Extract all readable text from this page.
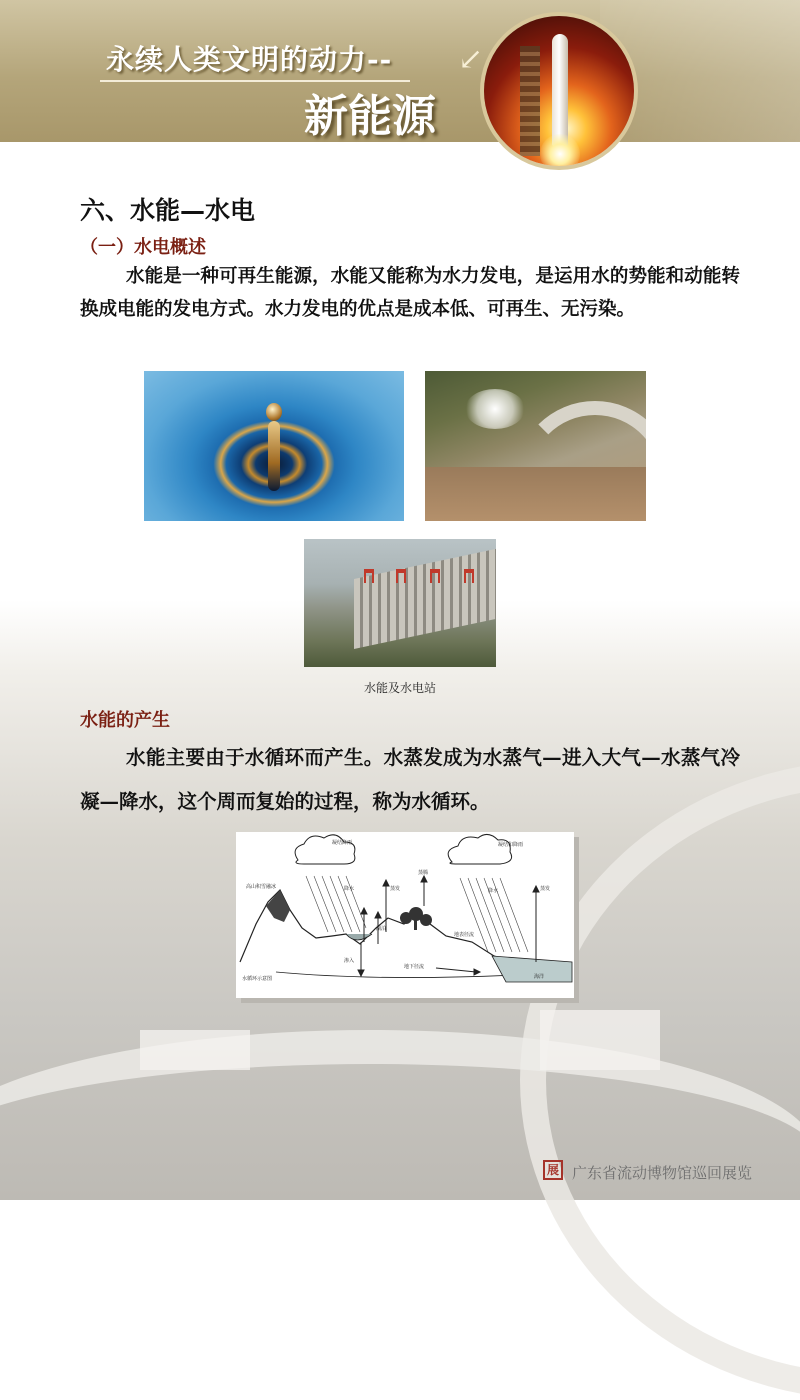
永续人类文明的动力--
新能源
↙
六、水能—水电
（一）水电概述
水能是一种可再生能源，水能又能称为水力发电，是运用水的势能和动能转换成电能的发电方式。水力发电的优点是成本低、可再生、无污染。
水能及水电站
水能的产生
水能主要由于水循环而产生。水蒸发成为水蒸气—进入大气—水蒸气冷凝—降水，这个周而复始的过程，称为水循环。
凝结降雨	凝结和降雨
高山积雪融冰	降水	蒸发
蒸腾
降水	蒸发
湖泊
地表径流
渗入
地下径流
海洋
水循环示意图
展 广东省流动博物馆巡回展览
